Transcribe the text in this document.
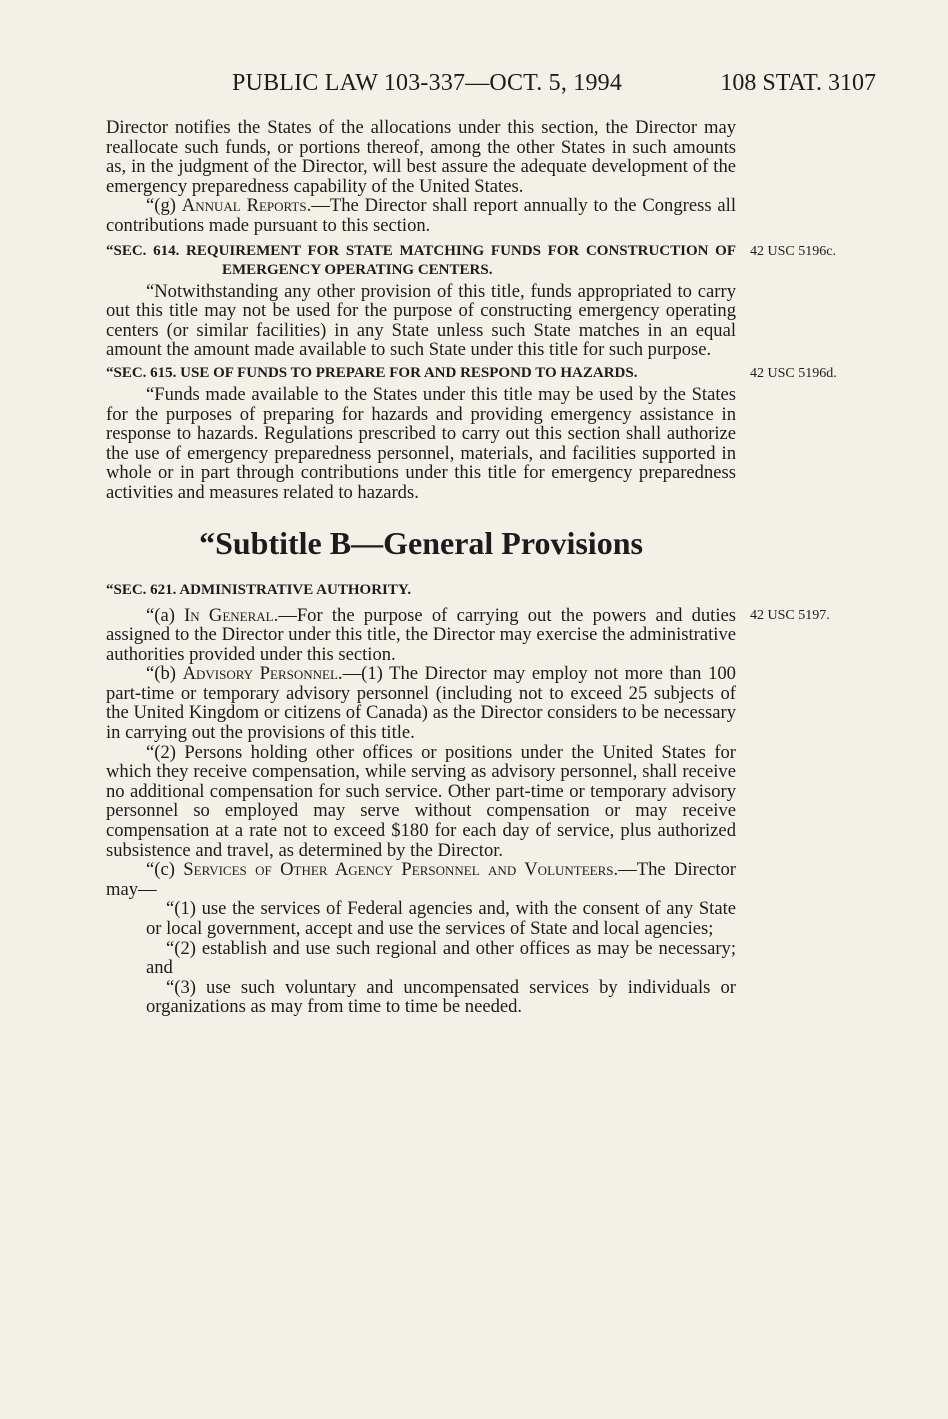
PUBLIC LAW 103-337—OCT. 5, 1994	108 STAT. 3107

Director notifies the States of the allocations under this section, the Director may reallocate such funds, or portions thereof, among the other States in such amounts as, in the judgment of the Director, will best assure the adequate development of the emergency preparedness capability of the United States.

“(g) Annual Reports.—The Director shall report annually to the Congress all contributions made pursuant to this section.

“SEC. 614. REQUIREMENT FOR STATE MATCHING FUNDS FOR CONSTRUCTION OF EMERGENCY OPERATING CENTERS.

42 USC 5196c.

“Notwithstanding any other provision of this title, funds appropriated to carry out this title may not be used for the purpose of constructing emergency operating centers (or similar facilities) in any State unless such State matches in an equal amount the amount made available to such State under this title for such purpose.

“SEC. 615. USE OF FUNDS TO PREPARE FOR AND RESPOND TO HAZARDS.	42 USC 5196d.

“Funds made available to the States under this title may be used by the States for the purposes of preparing for hazards and providing emergency assistance in response to hazards. Regulations prescribed to carry out this section shall authorize the use of emergency preparedness personnel, materials, and facilities supported in whole or in part through contributions under this title for emergency preparedness activities and measures related to hazards.

“Subtitle B—General Provisions

“SEC. 621. ADMINISTRATIVE AUTHORITY.

“(a) In General.—For the purpose of carrying out the powers and duties assigned to the Director under this title, the Director may exercise the administrative authorities provided under this section.

42 USC 5197.

“(b) Advisory Personnel.—(1) The Director may employ not more than 100 part-time or temporary advisory personnel (including not to exceed 25 subjects of the United Kingdom or citizens of Canada) as the Director considers to be necessary in carrying out the provisions of this title.

“(2) Persons holding other offices or positions under the United States for which they receive compensation, while serving as advisory personnel, shall receive no additional compensation for such service. Other part-time or temporary advisory personnel so employed may serve without compensation or may receive compensation at a rate not to exceed $180 for each day of service, plus authorized subsistence and travel, as determined by the Director.

“(c) Services of Other Agency Personnel and Volunteers.—The Director may—

“(1) use the services of Federal agencies and, with the consent of any State or local government, accept and use the services of State and local agencies;

“(2) establish and use such regional and other offices as may be necessary; and

“(3) use such voluntary and uncompensated services by individuals or organizations as may from time to time be needed.
